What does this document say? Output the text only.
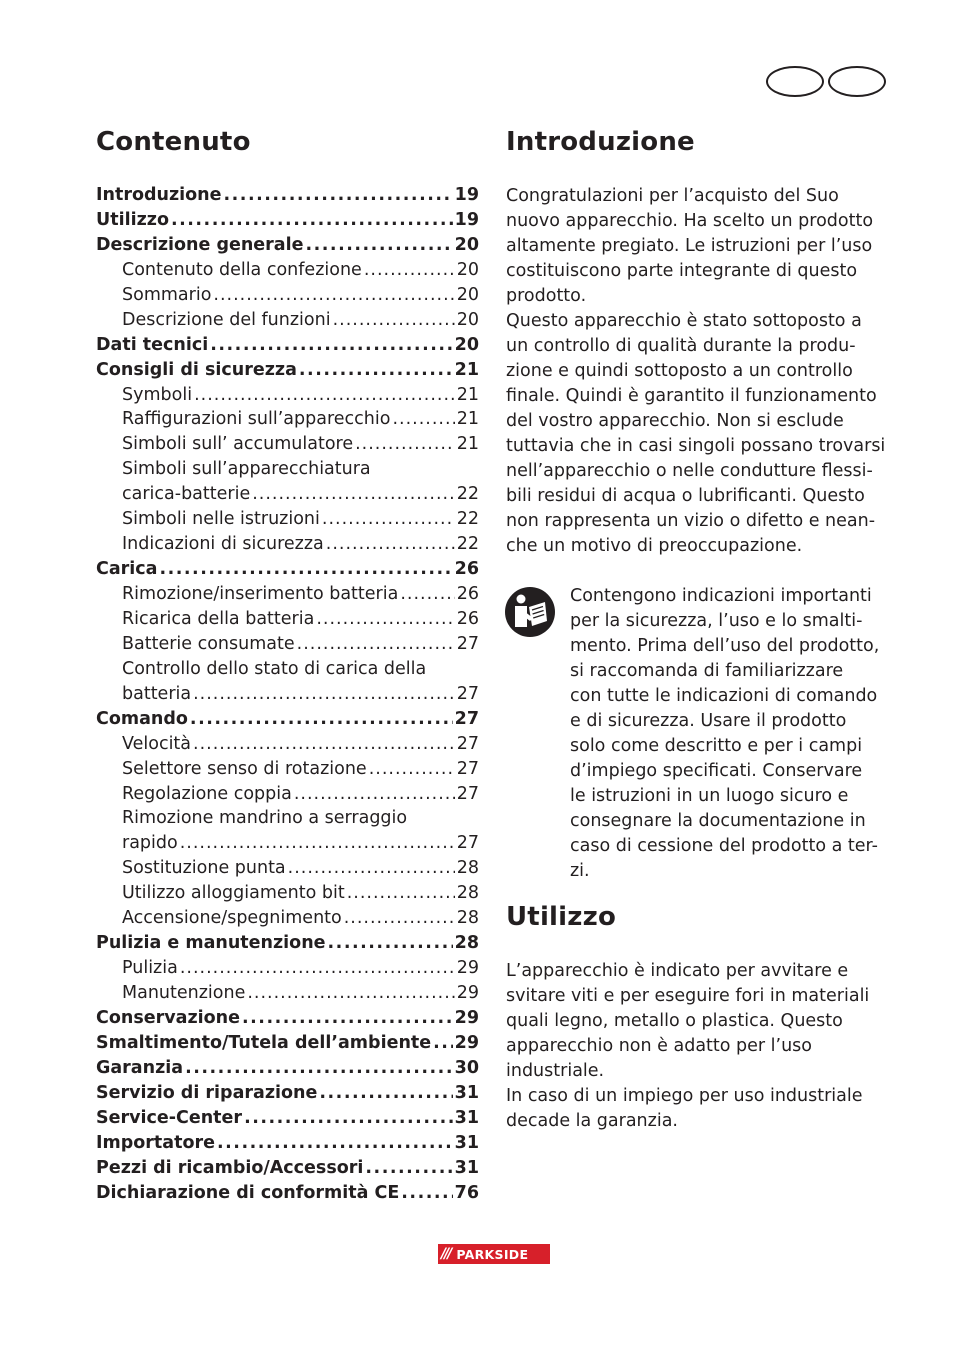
Contenuto
Introduzione .....	19
Utilizzo .....	19
Descrizione generale .....	20
Contenuto della confezione .....	20
Sommario .....	20
Descrizione del funzioni .....	20
Dati tecnici .....	20
Consigli di sicurezza .....	21
Symboli .....	21
Raffigurazioni sull’apparecchio .....	21
Simboli sull’ accumulatore .....	21
Simboli sull’apparecchiatura
carica-batterie .....	22
Simboli nelle istruzioni .....	22
Indicazioni di sicurezza .....	22
Carica .....	26
Rimozione/inserimento batteria .....	26
Ricarica della batteria .....	26
Batterie consumate .....	27
Controllo dello stato di carica della
batteria .....	27
Comando .....	27
Velocità .....	27
Selettore senso di rotazione .....	27
Regolazione coppia .....	27
Rimozione mandrino a serraggio
rapido .....	27
Sostituzione punta .....	28
Utilizzo alloggiamento bit .....	28
Accensione/spegnimento .....	28
Pulizia e manutenzione .....	28
Pulizia .....	29
Manutenzione .....	29
Conservazione .....	29
Smaltimento/Tutela dell’ambiente ..... 29
Garanzia .....	30
Servizio di riparazione .....	31
Service-Center .....	31
Importatore .....	31
Pezzi di ricambio/Accessori .....	31
Dichiarazione di conformità CE .....	76
Introduzione

Congratulazioni per l’acquisto del Suo
nuovo apparecchio. Ha scelto un prodotto
altamente pregiato. Le istruzioni per l’uso
costituiscono parte integrante di questo
prodotto.
Questo apparecchio è stato sottoposto a
un controllo di qualità durante la produ-
zione e quindi sottoposto a un controllo
finale. Quindi è garantito il funzionamento
del vostro apparecchio. Non si esclude
tuttavia che in casi singoli possano trovarsi
nell’apparecchio o nelle condutture flessi-
bili residui di acqua o lubrificanti. Questo
non rappresenta un vizio o difetto e nean-
che un motivo di preoccupazione.

Contengono indicazioni importanti
per la sicurezza, l’uso e lo smalti-
mento. Prima dell’uso del prodotto,
si raccomanda di familiarizzare
con tutte le indicazioni di comando
e di sicurezza. Usare il prodotto
solo come descritto e per i campi
d’impiego specificati. Conservare
le istruzioni in un luogo sicuro e
consegnare la documentazione in
caso di cessione del prodotto a ter-
zi.

Utilizzo

L’apparecchio è indicato per avvitare e
svitare viti e per eseguire fori in materiali
quali legno, metallo o plastica. Questo
apparecchio non è adatto per l’uso
industriale.
In caso di un impiego per uso industriale
decade la garanzia.

/// PARKSIDE
